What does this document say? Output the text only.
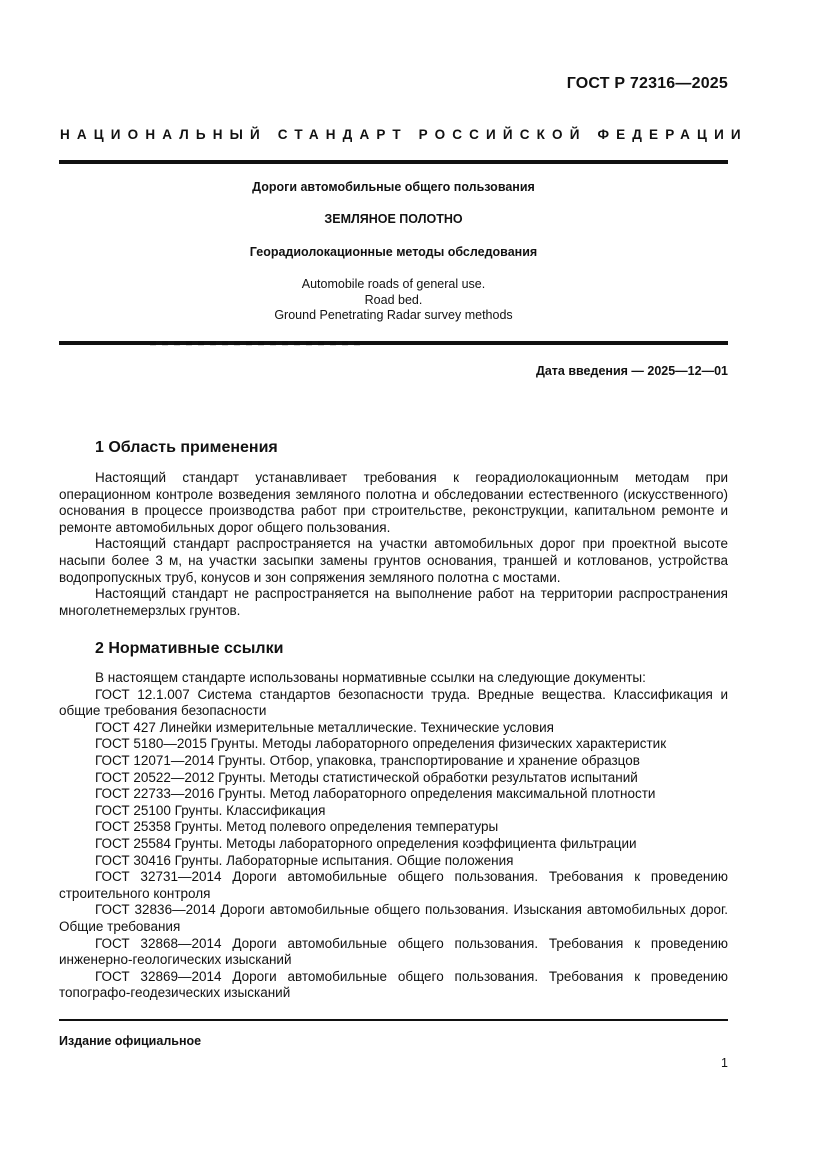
ГОСТ Р 72316—2025
НАЦИОНАЛЬНЫЙ СТАНДАРТ РОССИЙСКОЙ ФЕДЕРАЦИИ
Дороги автомобильные общего пользования
ЗЕМЛЯНОЕ ПОЛОТНО
Георадиолокационные методы обследования
Automobile roads of general use.
Road bed.
Ground Penetrating Radar survey methods
Дата введения — 2025—12—01
1 Область применения

Настоящий стандарт устанавливает требования к георадиолокационным методам при операционном контроле возведения земляного полотна и обследовании естественного (искусственного) основания в процессе производства работ при строительстве, реконструкции, капитальном ремонте и ремонте автомобильных дорог общего пользования.

Настоящий стандарт распространяется на участки автомобильных дорог при проектной высоте насыпи более 3 м, на участки засыпки замены грунтов основания, траншей и котлованов, устройства водопропускных труб, конусов и зон сопряжения земляного полотна с мостами.

Настоящий стандарт не распространяется на выполнение работ на территории распространения многолетнемерзлых грунтов.

2 Нормативные ссылки

В настоящем стандарте использованы нормативные ссылки на следующие документы:

ГОСТ 12.1.007 Система стандартов безопасности труда. Вредные вещества. Классификация и общие требования безопасности

ГОСТ 427 Линейки измерительные металлические. Технические условия

ГОСТ 5180—2015 Грунты. Методы лабораторного определения физических характеристик

ГОСТ 12071—2014 Грунты. Отбор, упаковка, транспортирование и хранение образцов

ГОСТ 20522—2012 Грунты. Методы статистической обработки результатов испытаний

ГОСТ 22733—2016 Грунты. Метод лабораторного определения максимальной плотности

ГОСТ 25100 Грунты. Классификация

ГОСТ 25358 Грунты. Метод полевого определения температуры

ГОСТ 25584 Грунты. Методы лабораторного определения коэффициента фильтрации

ГОСТ 30416 Грунты. Лабораторные испытания. Общие положения

ГОСТ 32731—2014 Дороги автомобильные общего пользования. Требования к проведению строительного контроля

ГОСТ 32836—2014 Дороги автомобильные общего пользования. Изыскания автомобильных дорог. Общие требования

ГОСТ 32868—2014 Дороги автомобильные общего пользования. Требования к проведению инженерно-геологических изысканий

ГОСТ 32869—2014 Дороги автомобильные общего пользования. Требования к проведению топографо-геодезических изысканий

Издание официальное
1
